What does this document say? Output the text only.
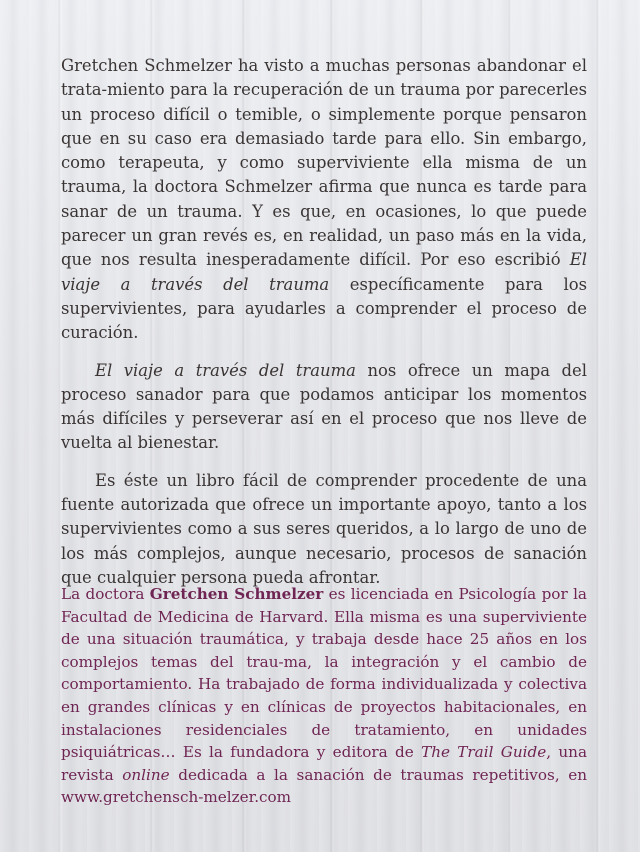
Gretchen Schmelzer ha visto a muchas personas abandonar el trata-miento para la recuperación de un trauma por parecerles un proceso difícil o temible, o simplemente porque pensaron que en su caso era demasiado tarde para ello. Sin embargo, como terapeuta, y como superviviente ella misma de un trauma, la doctora Schmelzer afirma que nunca es tarde para sanar de un trauma. Y es que, en ocasiones, lo que puede parecer un gran revés es, en realidad, un paso más en la vida, que nos resulta inesperadamente difícil. Por eso escribió El viaje a través del trauma específicamente para los supervivientes, para ayudarles a comprender el proceso de curación.

El viaje a través del trauma nos ofrece un mapa del proceso sanador para que podamos anticipar los momentos más difíciles y perseverar así en el proceso que nos lleve de vuelta al bienestar.

Es éste un libro fácil de comprender procedente de una fuente autorizada que ofrece un importante apoyo, tanto a los supervivientes como a sus seres queridos, a lo largo de uno de los más complejos, aunque necesario, procesos de sanación que cualquier persona pueda afrontar.

La doctora Gretchen Schmelzer es licenciada en Psicología por la Facultad de Medicina de Harvard. Ella misma es una superviviente de una situación traumática, y trabaja desde hace 25 años en los complejos temas del trau-ma, la integración y el cambio de comportamiento. Ha trabajado de forma individualizada y colectiva en grandes clínicas y en clínicas de proyectos habitacionales, en instalaciones residenciales de tratamiento, en unidades psiquiátricas… Es la fundadora y editora de The Trail Guide, una revista online dedicada a la sanación de traumas repetitivos, en www.gretchensch-melzer.com
